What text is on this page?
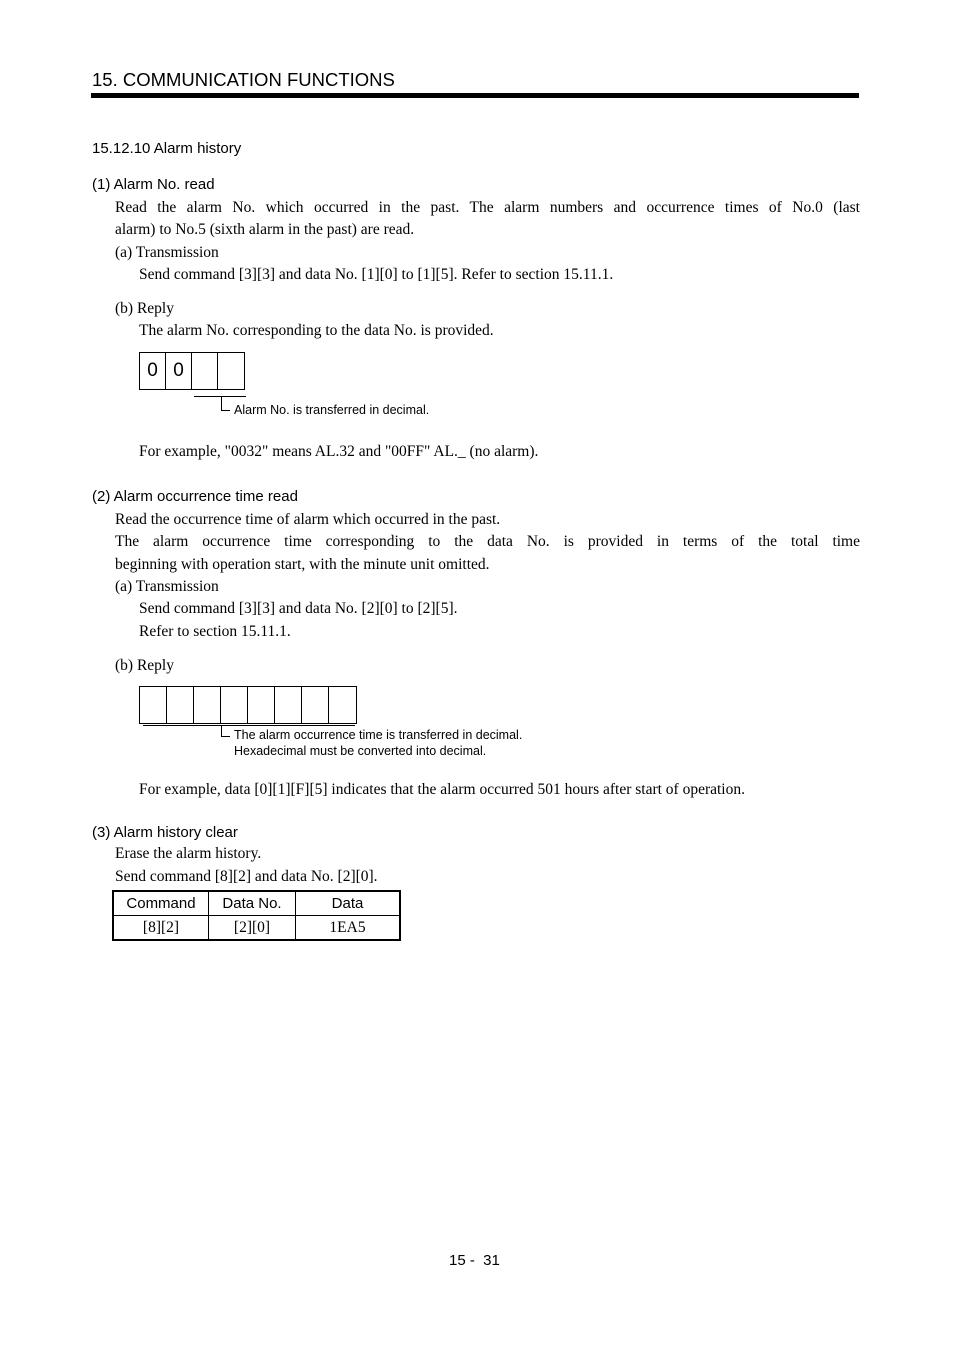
15. COMMUNICATION FUNCTIONS
15.12.10 Alarm history
(1) Alarm No. read
Read the alarm No. which occurred in the past. The alarm numbers and occurrence times of No.0 (last
alarm) to No.5 (sixth alarm in the past) are read.
(a) Transmission
Send command [3][3] and data No. [1][0] to [1][5]. Refer to section 15.11.1.
(b) Reply
The alarm No. corresponding to the data No. is provided.
0 0
Alarm No. is transferred in decimal.
For example, "0032" means AL.32 and "00FF" AL._ (no alarm).
(2) Alarm occurrence time read
Read the occurrence time of alarm which occurred in the past.
The alarm occurrence time corresponding to the data No. is provided in terms of the total time
beginning with operation start, with the minute unit omitted.
(a) Transmission
Send command [3][3] and data No. [2][0] to [2][5].
Refer to section 15.11.1.
(b) Reply
The alarm occurrence time is transferred in decimal.
Hexadecimal must be converted into decimal.
For example, data [0][1][F][5] indicates that the alarm occurred 501 hours after start of operation.
(3) Alarm history clear
Erase the alarm history.
Send command [8][2] and data No. [2][0].
Command	Data No.	Data
[8][2]	[2][0]	1EA5
15 -  31
